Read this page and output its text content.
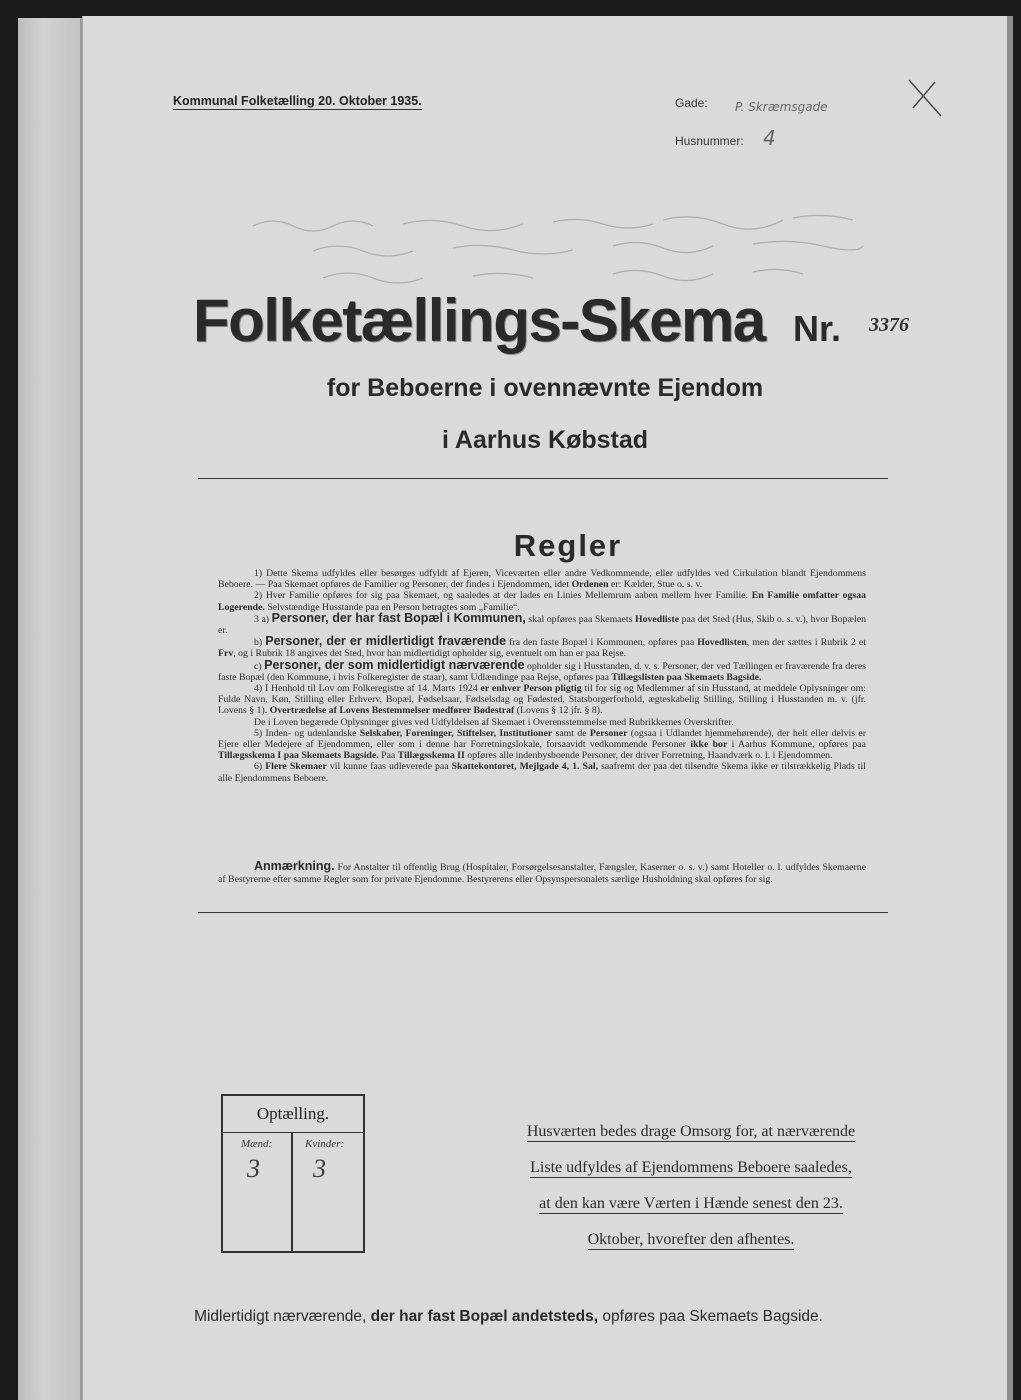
Kommunal Folketælling 20. Oktober 1935.	Gade: P. Skræmsgade
Husnummer: 4
Folketællings-Skema Nr. 3376
for Beboerne i ovennævnte Ejendom
i Aarhus Købstad
Regler

1) Dette Skema udfyldes eller besørges udfyldt af Ejeren, Viceværten eller andre Vedkommende, eller udfyldes ved Cirkulation blandt Ejendommens Beboere. — Paa Skemaet opføres de Familier og Personer, der findes i Ejendommen, idet Ordenen er: Kælder, Stue o. s. v.

2) Hver Familie opføres for sig paa Skemaet, og saaledes at der lades en Linies Mellemrum aaben mellem hver Familie. En Familie omfatter ogsaa Logerende. Selvstændige Husstande paa en Person betragtes som „Familie“.

3 a) Personer, der har fast Bopæl i Kommunen, skal opføres paa Skemaets Hovedliste paa det Sted (Hus, Skib o. s. v.), hvor Bopælen er.

b) Personer, der er midlertidigt fraværende fra den faste Bopæl i Kommunen, opføres paa Hovedlisten, men der sættes i Rubrik 2 et Frv, og i Rubrik 18 angives det Sted, hvor han midlertidigt opholder sig, eventuelt om han er paa Rejse.

c) Personer, der som midlertidigt nærværende opholder sig i Husstanden, d. v. s. Personer, der ved Tællingen er fraværende fra deres faste Bopæl (den Kommune, i hvis Folkeregister de staar), samt Udlændinge paa Rejse, opføres paa Tillægslisten paa Skemaets Bagside.

4) I Henhold til Lov om Folkeregistre af 14. Marts 1924 er enhver Person pligtig til for sig og Medlemmer af sin Husstand, at meddele Oplysninger om: Fulde Navn, Køn, Stilling eller Erhverv, Bopæl, Fødselsaar, Fødselsdag og Fødested, Statsborgerforhold, ægteskabelig Stilling, Stilling i Husstanden m. v. (jfr. Lovens § 1). Overtrædelse af Lovens Bestemmelser medfører Bødestraf (Lovens § 12 jfr. § 8).

De i Loven begærede Oplysninger gives ved Udfyldelsen af Skemaet i Overensstemmelse med Rubrikkernes Overskrifter.

5) Inden- og udenlandske Selskaber, Foreninger, Stiftelser, Institutioner samt de Personer (ogsaa i Udlandet hjemmehørende), der helt eller delvis er Ejere eller Medejere af Ejendommen, eller som i denne har Forretningslokale, forsaavidt vedkommende Personer ikke bor i Aarhus Kommune, opføres paa Tillægsskema I paa Skemaets Bagside. Paa Tillægsskema II opføres alle indenbysboende Personer, der driver Forretning, Haandværk o. l. i Ejendommen.

6) Flere Skemaer vil kunne faas udleverede paa Skattekontoret, Mejlgade 4, 1. Sal, saafremt der paa det tilsendte Skema ikke er tilstrækkelig Plads til alle Ejendommens Beboere.

Anmærkning. For Anstalter til offentlig Brug (Hospitaler, Forsørgelsesanstalter, Fængsler, Kaserner o. s. v.) samt Hoteller o. l. udfyldes Skemaerne af Bestyrerne efter samme Regler som for private Ejendomme. Bestyrerens eller Opsynspersonalets særlige Husholdning skal opføres for sig.
Optælling.
Mænd:
3
Kvinder:
3
Husværten bedes drage Omsorg for, at nærværende
Liste udfyldes af Ejendommens Beboere saaledes,
at den kan være Værten i Hænde senest den 23.
Oktober, hvorefter den afhentes.
Midlertidigt nærværende, der har fast Bopæl andetsteds, opføres paa Skemaets Bagside.
